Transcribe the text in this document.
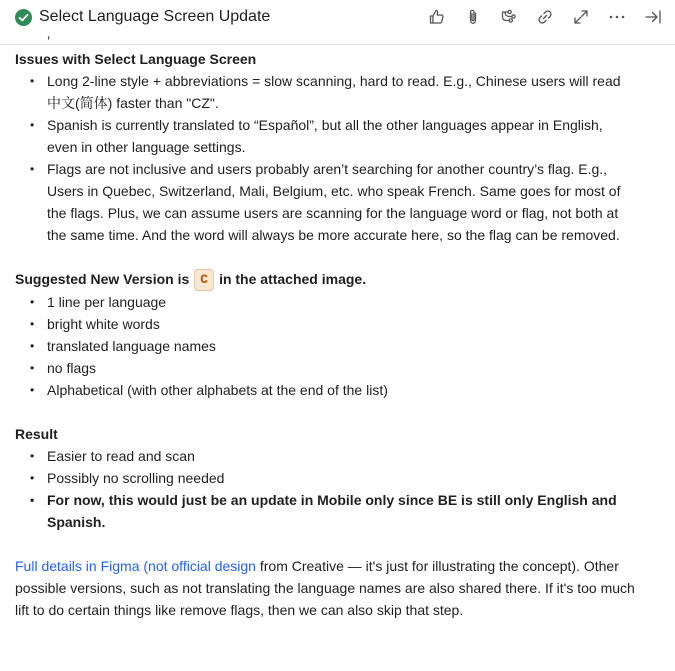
Select Language Screen Update
‚
Issues with Select Language Screen
• Long 2-line style + abbreviations = slow scanning, hard to read. E.g., Chinese users will read 中文(简体) faster than "CZ".
• Spanish is currently translated to “Español”, but all the other languages appear in English, even in other language settings.
• Flags are not inclusive and users probably aren’t searching for another country’s flag. E.g., Users in Quebec, Switzerland, Mali, Belgium, etc. who speak French. Same goes for most of the flags. Plus, we can assume users are scanning for the language word or flag, not both at the same time. And the word will always be more accurate here, so the flag can be removed.
Suggested New Version is C in the attached image.
• 1 line per language
• bright white words
• translated language names
• no flags
• Alphabetical (with other alphabets at the end of the list)
Result
• Easier to read and scan
• Possibly no scrolling needed
• For now, this would just be an update in Mobile only since BE is still only English and Spanish.

Full details in Figma (not official design from Creative — it's just for illustrating the concept). Other possible versions, such as not translating the language names are also shared there. If it's too much lift to do certain things like remove flags, then we can also skip that step.
